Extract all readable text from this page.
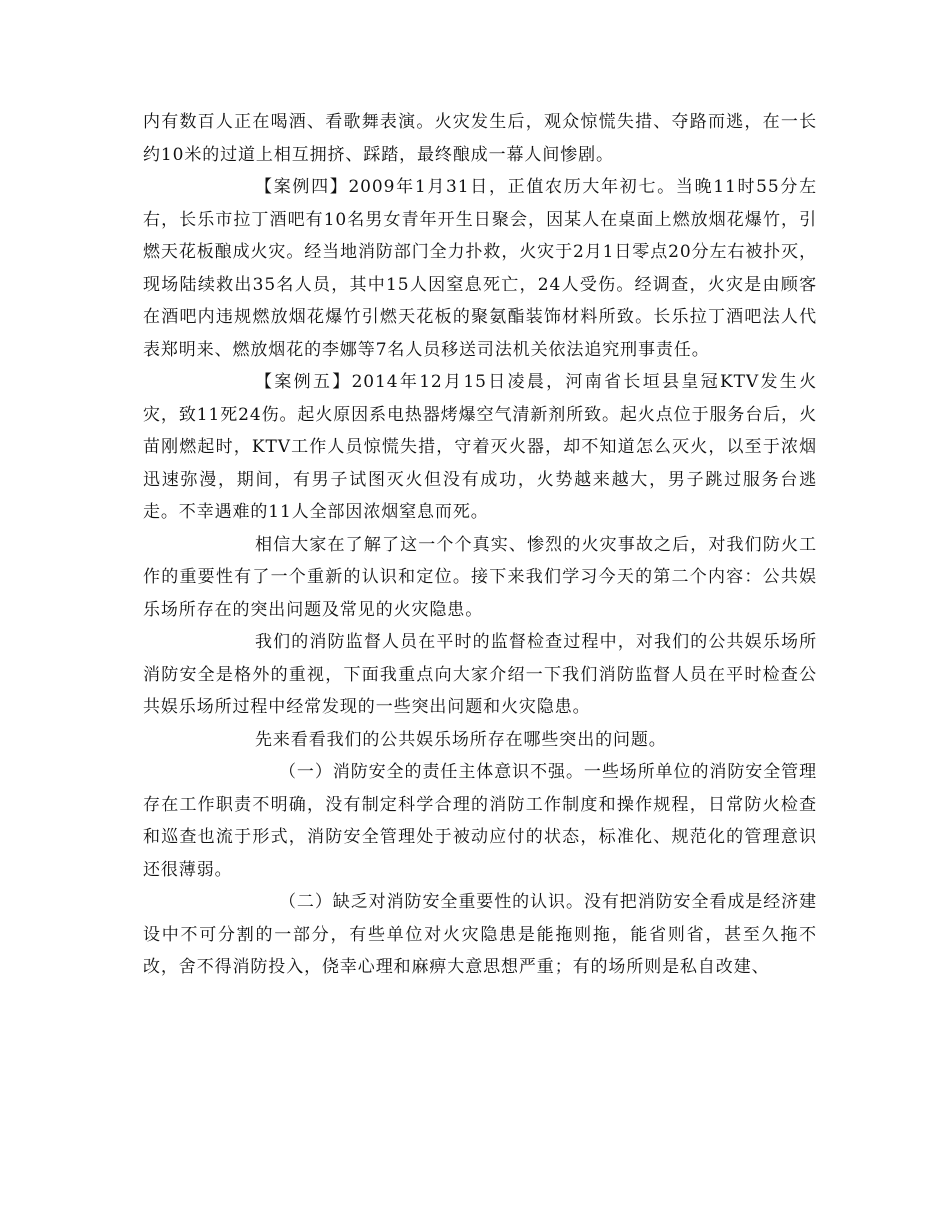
内有数百人正在喝酒、看歌舞表演。火灾发生后，观众惊慌失措、夺路而逃，在一长约10米的过道上相互拥挤、踩踏，最终酿成一幕人间惨剧。

【案例四】2009年1月31日，正值农历大年初七。当晚11时55分左右，长乐市拉丁酒吧有10名男女青年开生日聚会，因某人在桌面上燃放烟花爆竹，引燃天花板酿成火灾。经当地消防部门全力扑救，火灾于2月1日零点20分左右被扑灭，现场陆续救出35名人员，其中15人因窒息死亡，24人受伤。经调查，火灾是由顾客在酒吧内违规燃放烟花爆竹引燃天花板的聚氨酯装饰材料所致。长乐拉丁酒吧法人代表郑明来、燃放烟花的李娜等7名人员移送司法机关依法追究刑事责任。

【案例五】2014年12月15日凌晨，河南省长垣县皇冠KTV发生火灾，致11死24伤。起火原因系电热器烤爆空气清新剂所致。起火点位于服务台后，火苗刚燃起时，KTV工作人员惊慌失措，守着灭火器，却不知道怎么灭火，以至于浓烟迅速弥漫，期间，有男子试图灭火但没有成功，火势越来越大，男子跳过服务台逃走。不幸遇难的11人全部因浓烟窒息而死。

相信大家在了解了这一个个真实、惨烈的火灾事故之后，对我们防火工作的重要性有了一个重新的认识和定位。接下来我们学习今天的第二个内容：公共娱乐场所存在的突出问题及常见的火灾隐患。

我们的消防监督人员在平时的监督检查过程中，对我们的公共娱乐场所消防安全是格外的重视，下面我重点向大家介绍一下我们消防监督人员在平时检查公共娱乐场所过程中经常发现的一些突出问题和火灾隐患。

先来看看我们的公共娱乐场所存在哪些突出的问题。

（一）消防安全的责任主体意识不强。一些场所单位的消防安全管理存在工作职责不明确，没有制定科学合理的消防工作制度和操作规程，日常防火检查和巡查也流于形式，消防安全管理处于被动应付的状态，标准化、规范化的管理意识还很薄弱。

（二）缺乏对消防安全重要性的认识。没有把消防安全看成是经济建设中不可分割的一部分，有些单位对火灾隐患是能拖则拖，能省则省，甚至久拖不改，舍不得消防投入，侥幸心理和麻痹大意思想严重；有的场所则是私自改建、
